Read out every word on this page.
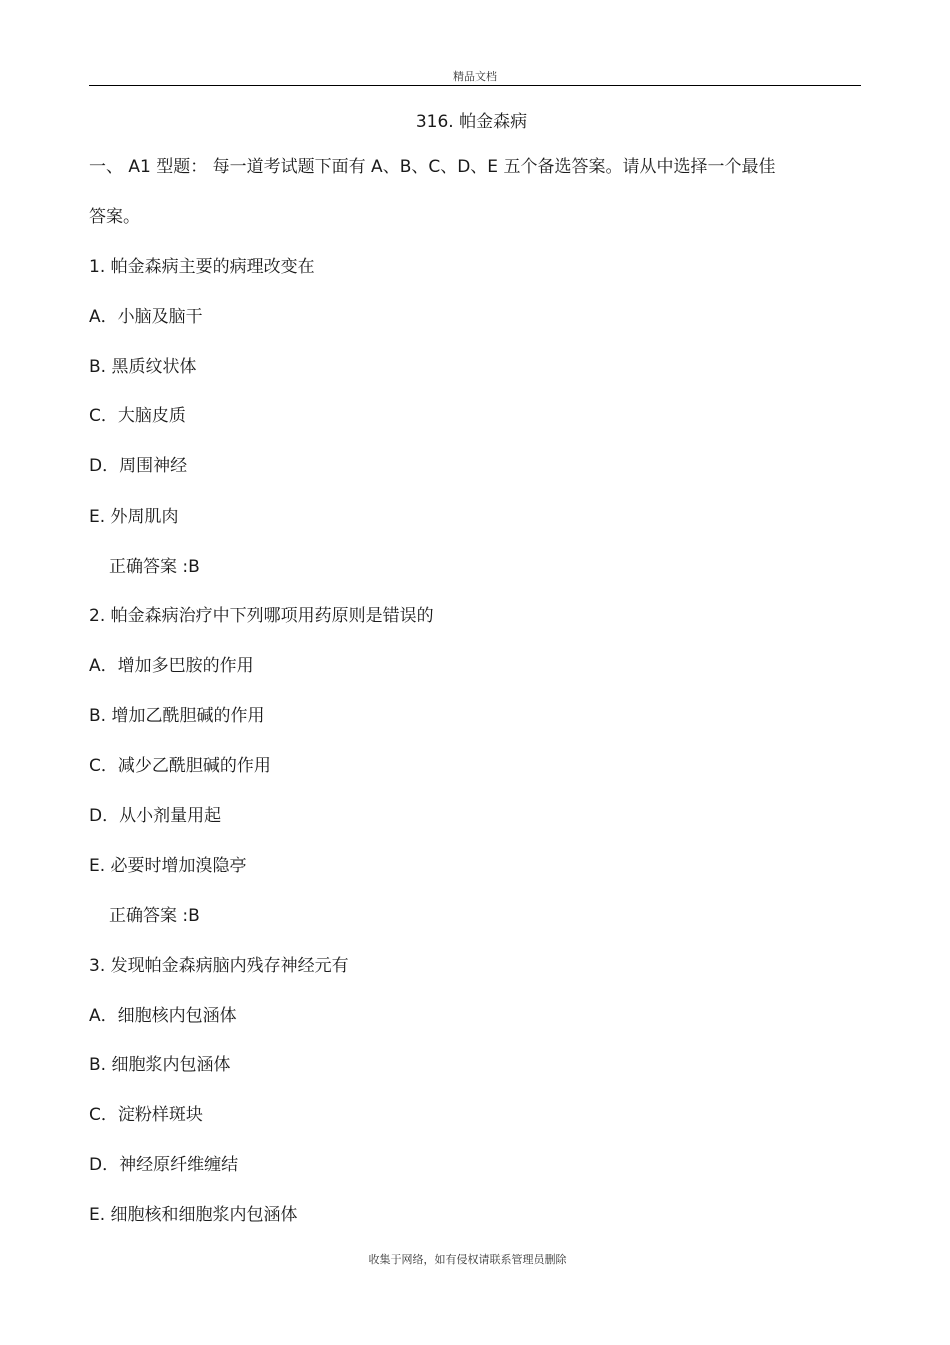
精品文档
316. 帕金森病
一、 A1 型题： 每一道考试题下面有 A、B、C、D、E 五个备选答案。请从中选择一个最佳
答案。
1. 帕金森病主要的病理改变在
A．小脑及脑干
B. 黑质纹状体
C．大脑皮质
D．周围神经
E. 外周肌肉
正确答案 :B
2. 帕金森病治疗中下列哪项用药原则是错误的
A．增加多巴胺的作用
B. 增加乙酰胆碱的作用
C．减少乙酰胆碱的作用
D．从小剂量用起
E. 必要时增加溴隐亭
正确答案 :B
3. 发现帕金森病脑内残存神经元有
A．细胞核内包涵体
B. 细胞浆内包涵体
C．淀粉样斑块
D．神经原纤维缠结
E. 细胞核和细胞浆内包涵体
收集于网络，如有侵权请联系管理员删除
